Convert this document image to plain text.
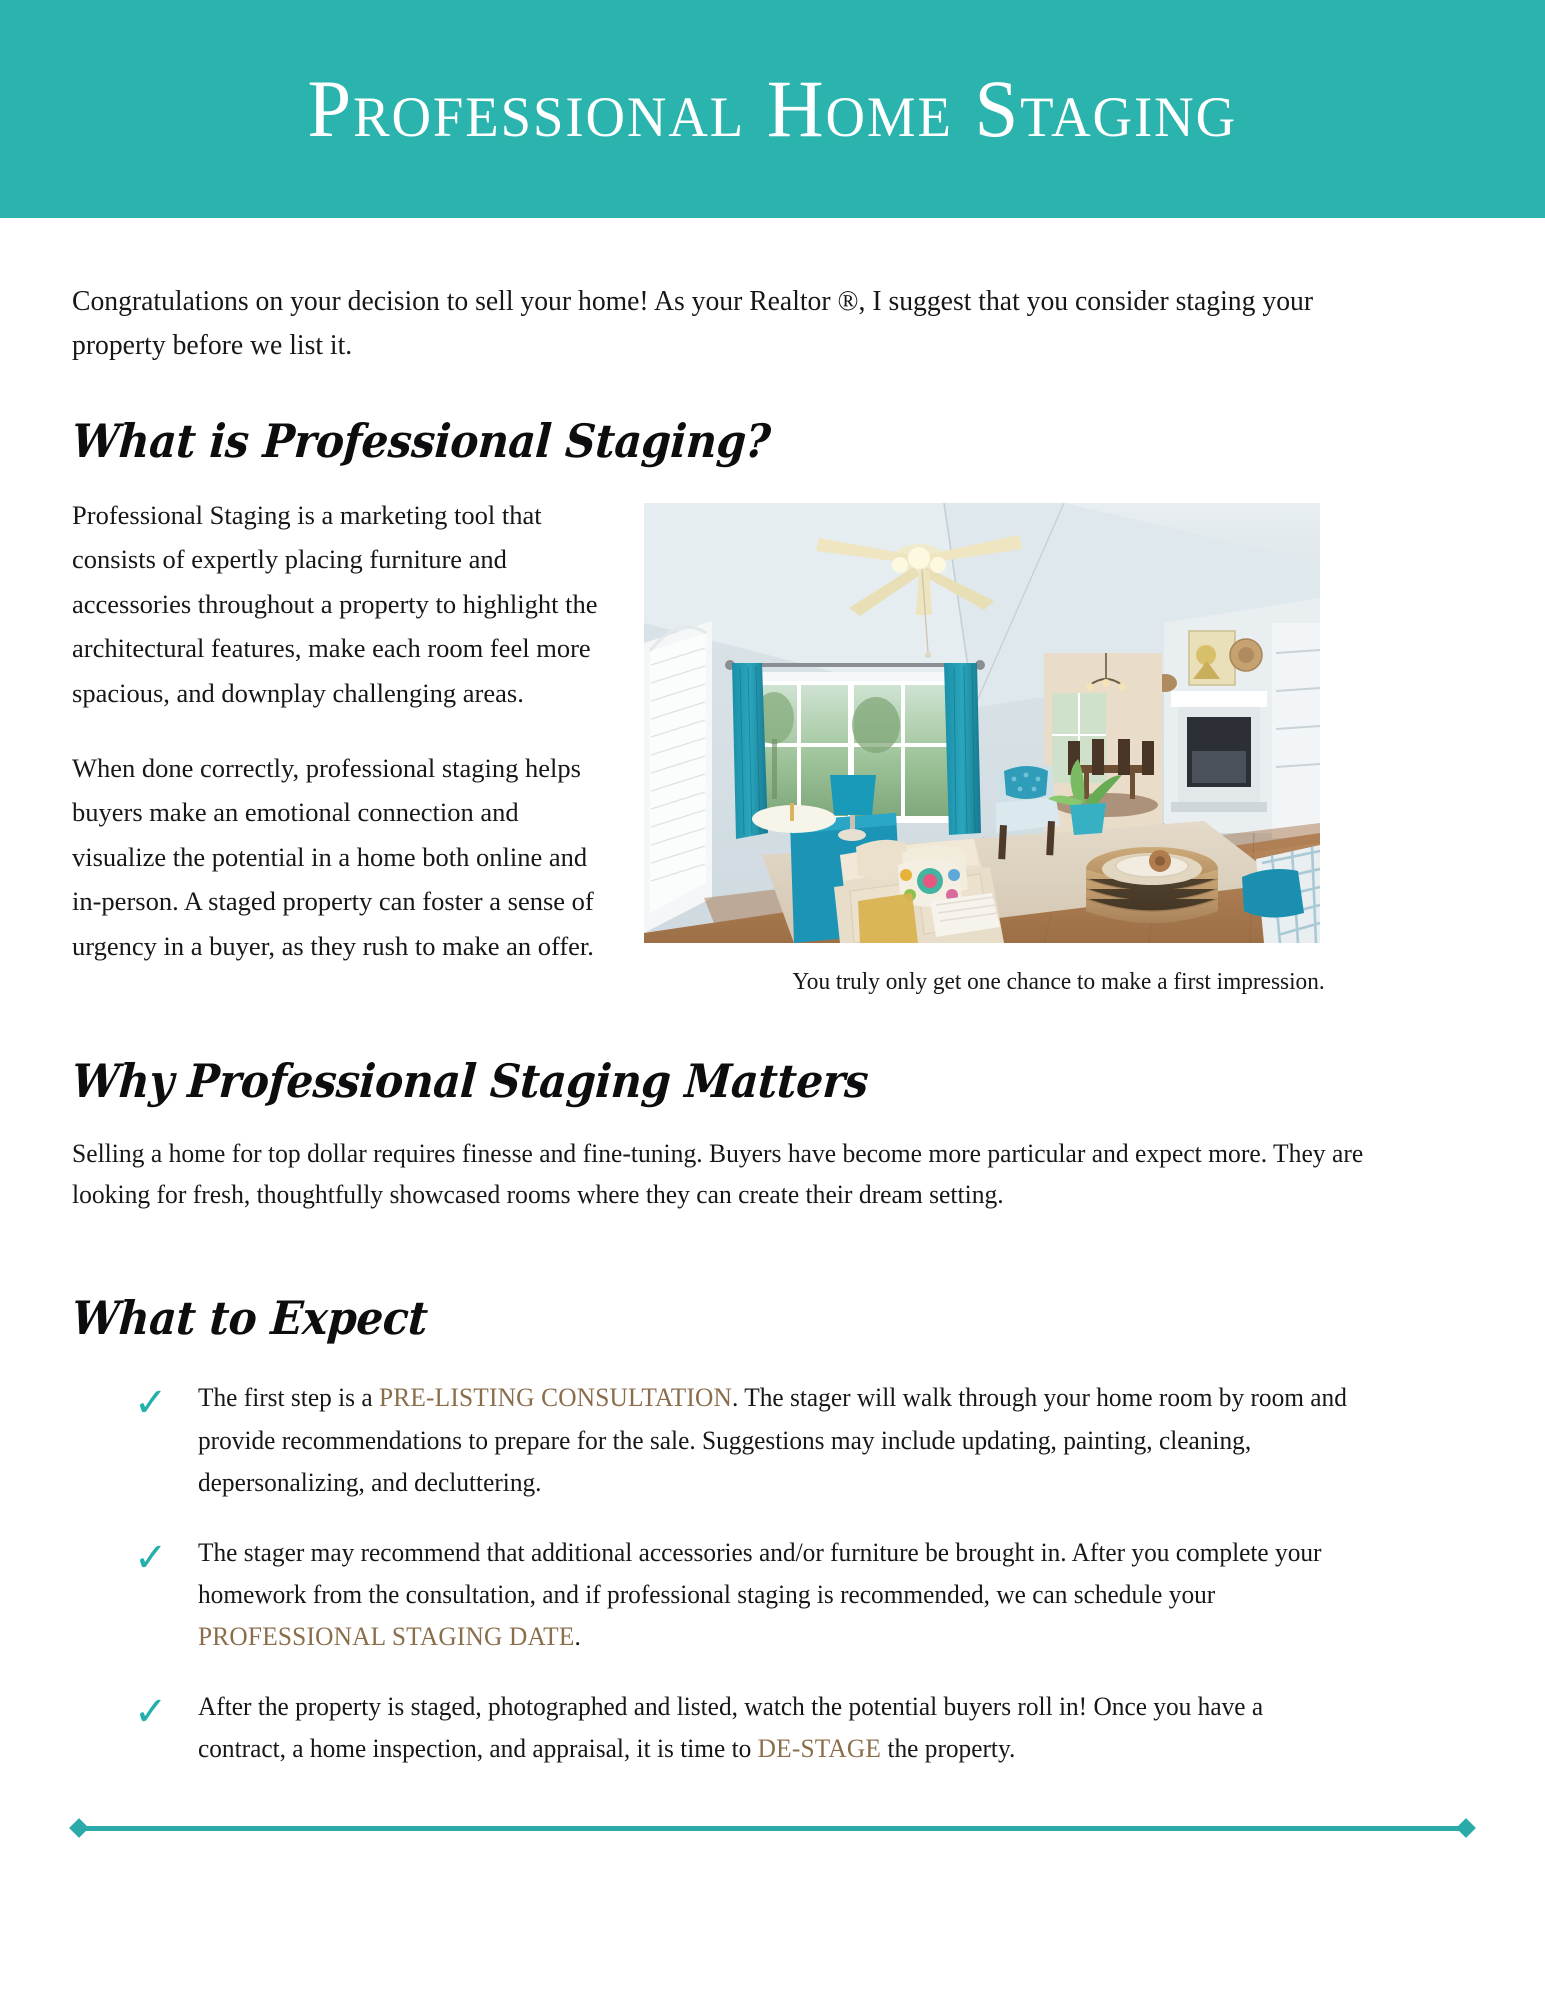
Professional Home Staging

Congratulations on your decision to sell your home! As your Realtor ®, I suggest that you consider staging your property before we list it.

What is Professional Staging?

Professional Staging is a marketing tool that consists of expertly placing furniture and accessories throughout a property to highlight the architectural features, make each room feel more spacious, and downplay challenging areas.

When done correctly, professional staging helps buyers make an emotional connection and visualize the potential in a home both online and in-person. A staged property can foster a sense of urgency in a buyer, as they rush to make an offer.

You truly only get one chance to make a first impression.
Why Professional Staging Matters

Selling a home for top dollar requires finesse and fine-tuning. Buyers have become more particular and expect more. They are looking for fresh, thoughtfully showcased rooms where they can create their dream setting.

What to Expect
✓	The first step is a PRE-LISTING CONSULTATION. The stager will walk through your home room by room and provide recommendations to prepare for the sale. Suggestions may include updating, painting, cleaning, depersonalizing, and decluttering.
✓	The stager may recommend that additional accessories and/or furniture be brought in. After you complete your homework from the consultation, and if professional staging is recommended, we can schedule your PROFESSIONAL STAGING DATE.
✓	After the property is staged, photographed and listed, watch the potential buyers roll in! Once you have a contract, a home inspection, and appraisal, it is time to DE-STAGE the property.
